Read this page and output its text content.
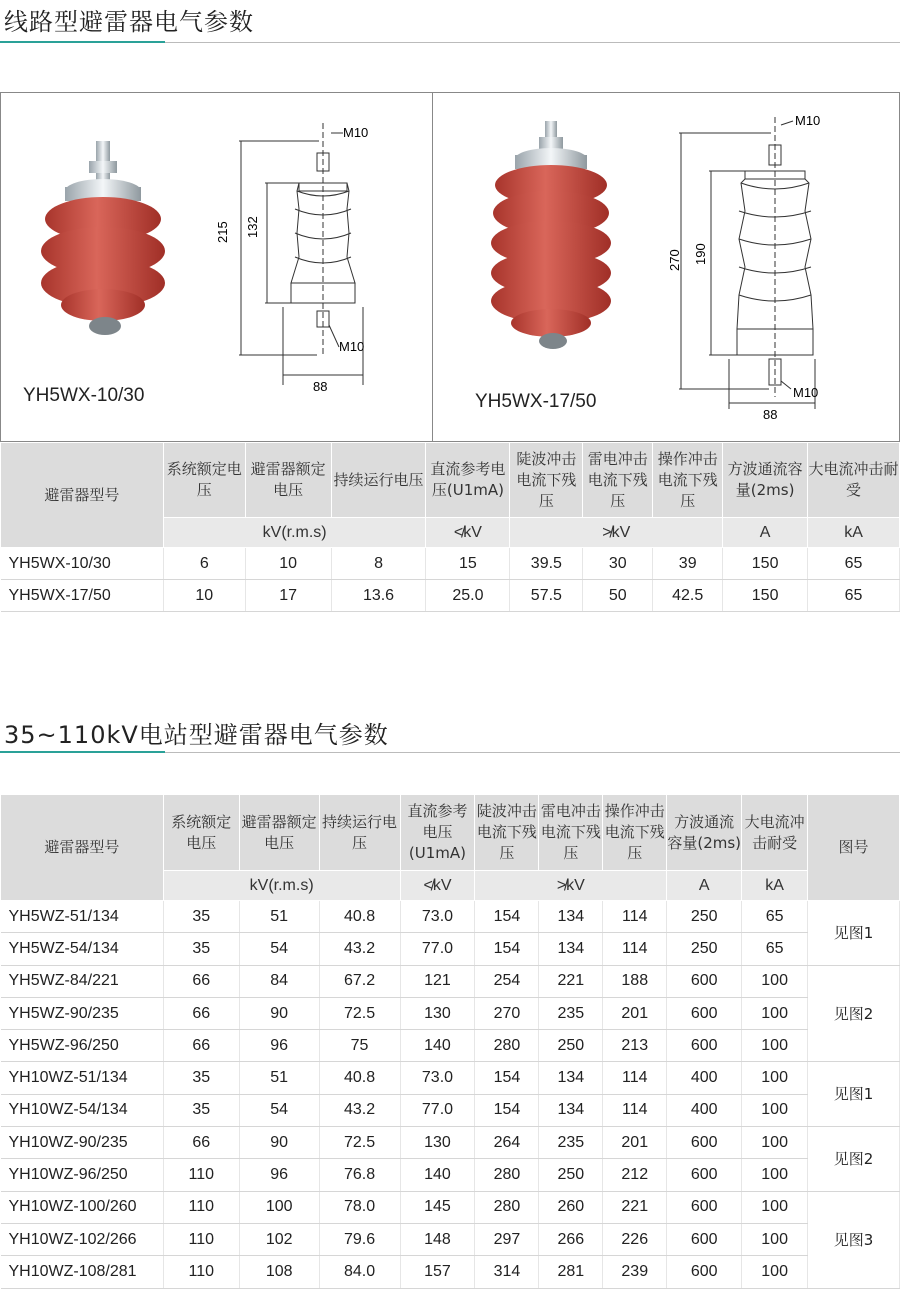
线路型避雷器电气参数
215 132
88
M10
M10
YH5WX-10/30
270 190
88
M10
M10
YH5WX-17/50
避雷器型号	系统额定电压	避雷器额定电压	持续运行电压	直流参考电压(U1mA)	陡波冲击电流下残压	雷电冲击电流下残压	操作冲击电流下残压	方波通流容量(2ms)	大电流冲击耐受
	kV(r.m.s)			≮kV	≯kV			A	kA
YH5WX-10/30	6	10	8	15	39.5	30	39	150	65
YH5WX-17/50	10	17	13.6	25.0	57.5	50	42.5	150	65
35~110kV电站型避雷器电气参数
避雷器型号	系统额定电压	避雷器额定电压	持续运行电压	直流参考电压(U1mA)	陡波冲击电流下残压	雷电冲击电流下残压	操作冲击电流下残压	方波通流容量(2ms)	大电流冲击耐受	图号
	kV(r.m.s)			≮kV	≯kV			A	kA	
YH5WZ-51/134	35	51	40.8	73.0	154	134	114	250	65	见图1
YH5WZ-54/134	35	54	43.2	77.0	154	134	114	250	65	
YH5WZ-84/221	66	84	67.2	121	254	221	188	600	100	见图2
YH5WZ-90/235	66	90	72.5	130	270	235	201	600	100	
YH5WZ-96/250	66	96	75	140	280	250	213	600	100	
YH10WZ-51/134	35	51	40.8	73.0	154	134	114	400	100	见图1
YH10WZ-54/134	35	54	43.2	77.0	154	134	114	400	100	
YH10WZ-90/235	66	90	72.5	130	264	235	201	600	100	见图2
YH10WZ-96/250	110	96	76.8	140	280	250	212	600	100	
YH10WZ-100/260	110	100	78.0	145	280	260	221	600	100	见图3
YH10WZ-102/266	110	102	79.6	148	297	266	226	600	100	
YH10WZ-108/281	110	108	84.0	157	314	281	239	600	100	
